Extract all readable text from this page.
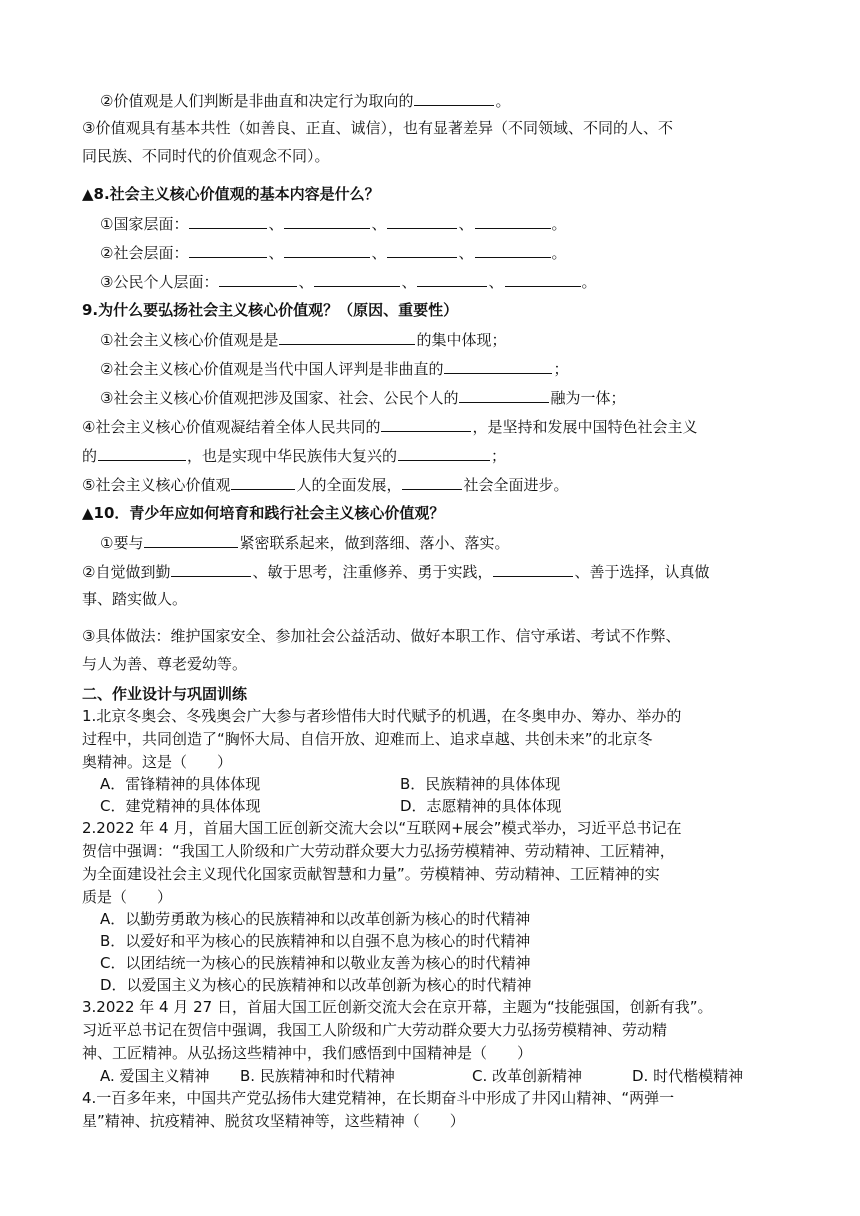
②价值观是人们判断是非曲直和决定行为取向的	。
③价值观具有基本共性（如善良、正直、诚信），也有显著差异（不同领域、不同的人、不
同民族、不同时代的价值观念不同）。
▲8.社会主义核心价值观的基本内容是什么？
①国家层面：	、	、	、	。
②社会层面：	、	、	、	。
③公民个人层面：	、	、	、	。
9.为什么要弘扬社会主义核心价值观？（原因、重要性）
①社会主义核心价值观是是	的集中体现；
②社会主义核心价值观是当代中国人评判是非曲直的	；
③社会主义核心价值观把涉及国家、社会、公民个人的	融为一体；
④社会主义核心价值观凝结着全体人民共同的	，是坚持和发展中国特色社会主义
的	，也是实现中华民族伟大复兴的	；
⑤社会主义核心价值观	人的全面发展，	社会全面进步。
▲10．青少年应如何培育和践行社会主义核心价值观？
①要与	紧密联系起来，做到落细、落小、落实。
②自觉做到勤	、敏于思考，注重修养、勇于实践，	、善于选择，认真做
事、踏实做人。
③具体做法：维护国家安全、参加社会公益活动、做好本职工作、信守承诺、考试不作弊、
与人为善、尊老爱幼等。
二、作业设计与巩固训练
1.北京冬奥会、冬残奥会广大参与者珍惜伟大时代赋予的机遇，在冬奥申办、筹办、举办的
过程中，共同创造了“胸怀大局、自信开放、迎难而上、追求卓越、共创未来”的北京冬
奥精神。这是（　　）
A．雷锋精神的具体体现	B．民族精神的具体体现
C．建党精神的具体体现	D．志愿精神的具体体现
2.2022 年 4 月，首届大国工匠创新交流大会以“互联网+展会”模式举办，习近平总书记在
贺信中强调：“我国工人阶级和广大劳动群众要大力弘扬劳模精神、劳动精神、工匠精神，
为全面建设社会主义现代化国家贡献智慧和力量”。劳模精神、劳动精神、工匠精神的实
质是（　　）
A．以勤劳勇敢为核心的民族精神和以改革创新为核心的时代精神
B．以爱好和平为核心的民族精神和以自强不息为核心的时代精神
C．以团结统一为核心的民族精神和以敬业友善为核心的时代精神
D．以爱国主义为核心的民族精神和以改革创新为核心的时代精神
3.2022 年 4 月 27 日，首届大国工匠创新交流大会在京开幕，主题为“技能强国，创新有我”。
习近平总书记在贺信中强调，我国工人阶级和广大劳动群众要大力弘扬劳模精神、劳动精
神、工匠精神。从弘扬这些精神中，我们感悟到中国精神是（　　）
A. 爱国主义精神 B. 民族精神和时代精神	C. 改革创新精神	D. 时代楷模精神
4.一百多年来，中国共产党弘扬伟大建党精神，在长期奋斗中形成了井冈山精神、“两弹一
星”精神、抗疫精神、脱贫攻坚精神等，这些精神（　　）
